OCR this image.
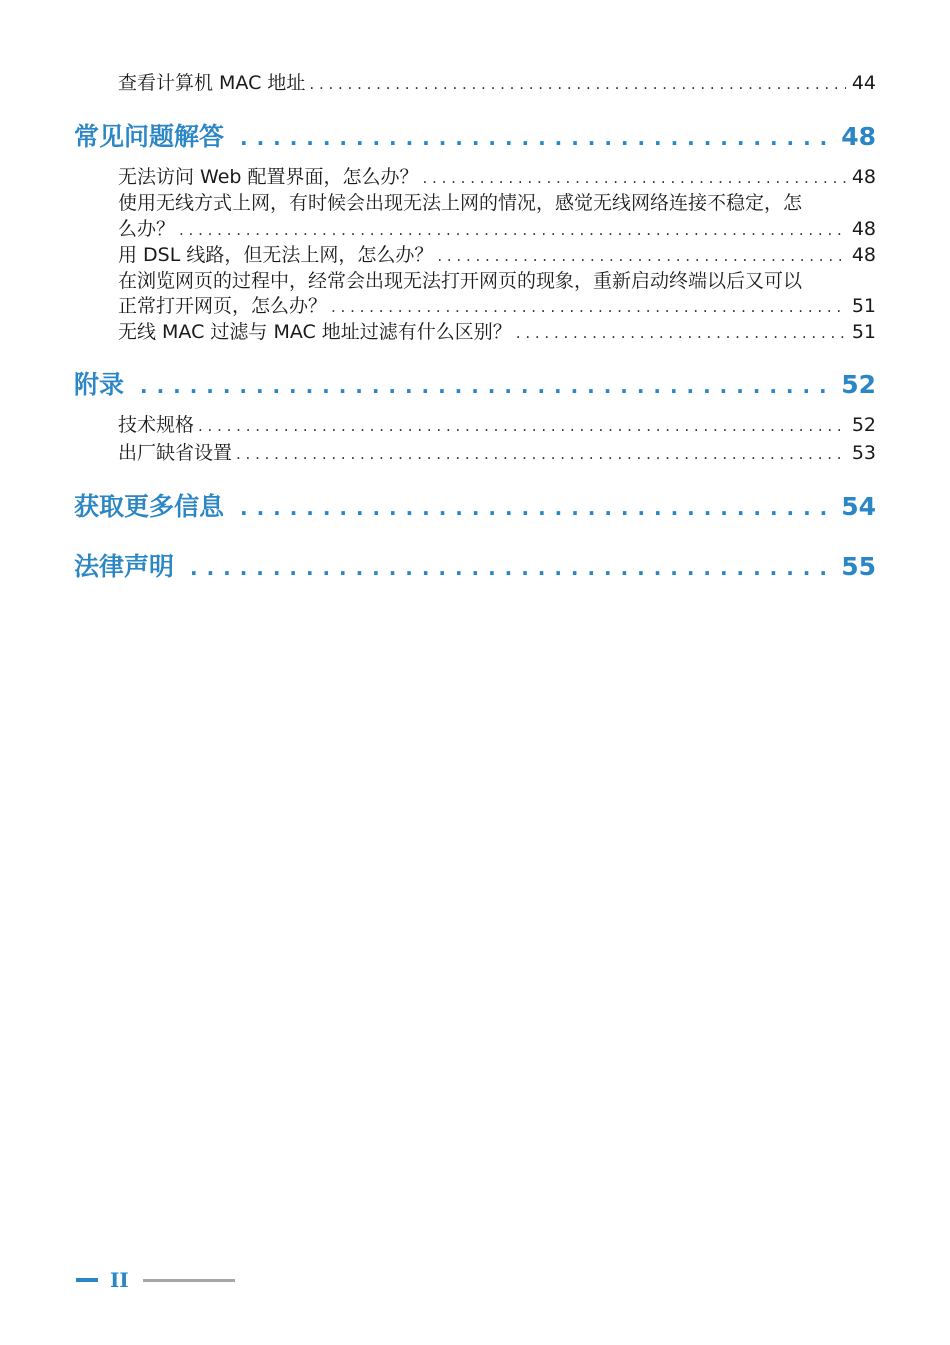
查看计算机 MAC 地址 . . .	44
常见问题解答 . . .	48
无法访问 Web 配置界面，怎么办？ . . .	48
使用无线方式上网，有时候会出现无法上网的情况，感觉无线网络连接不稳定，怎
么办？ . . .	48
用 DSL 线路，但无法上网，怎么办？ . . .	48
在浏览网页的过程中，经常会出现无法打开网页的现象，重新启动终端以后又可以
正常打开网页，怎么办？ . . .	51
无线 MAC 过滤与 MAC 地址过滤有什么区别？ . . .	51
附录 . . .	52
技术规格 . . .	52
出厂缺省设置 . . .	53
获取更多信息 . . .	54
法律声明 . . .	55
II
